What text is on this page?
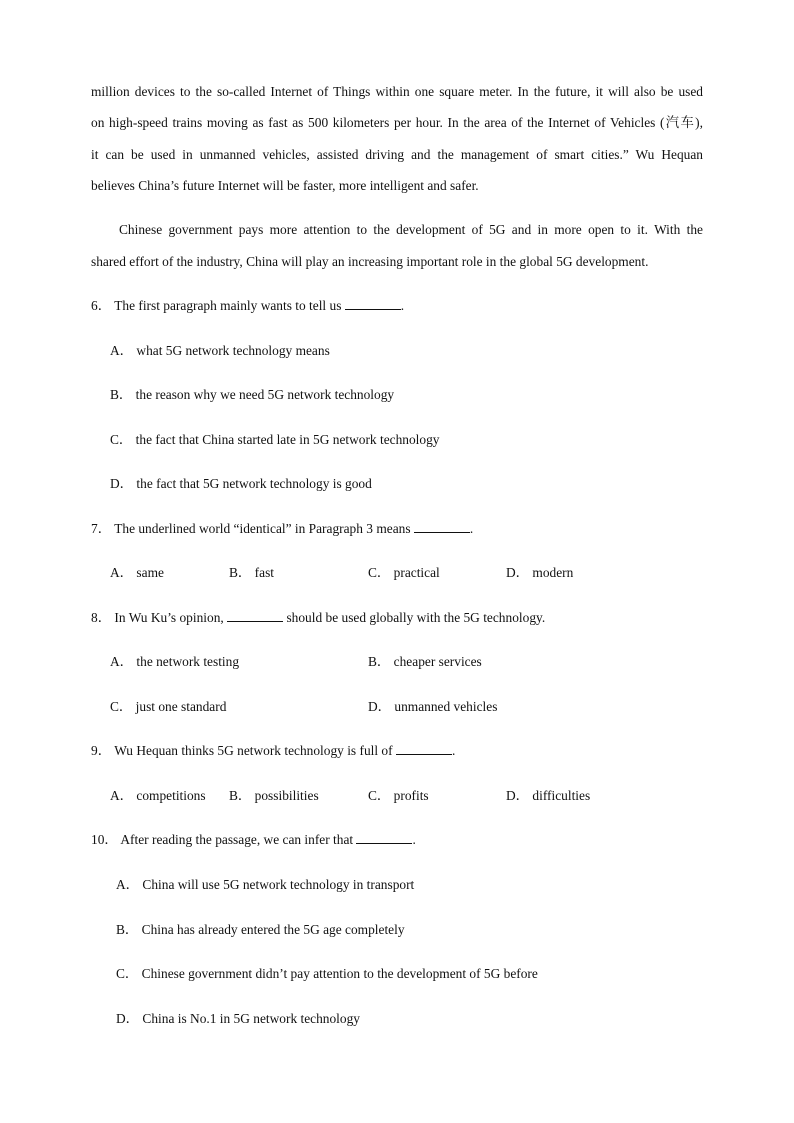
million devices to the so-called Internet of Things within one square meter. In the future, it will also be used
on high-speed trains moving as fast as 500 kilometers per hour. In the area of the Internet of Vehicles (汽车),
it can be used in unmanned vehicles, assisted driving and the management of smart cities.” Wu Hequan
believes China’s future Internet will be faster, more intelligent and safer.
Chinese government pays more attention to the development of 5G and in more open to it. With the
shared effort of the industry, China will play an increasing important role in the global 5G development.
6． The first paragraph mainly wants to tell us	.
A． what 5G network technology means
B． the reason why we need 5G network technology
C． the fact that China started late in 5G network technology
D． the fact that 5G network technology is good
7． The underlined world “identical” in Paragraph 3 means	.
A． same	B． fast	C． practical	D． modern
8． In Wu Ku’s opinion,	should be used globally with the 5G technology.
A． the network testing	B． cheaper services
C． just one standard	D． unmanned vehicles
9． Wu Hequan thinks 5G network technology is full of	.
A． competitions B． possibilities	C． profits	D． difficulties
10． After reading the passage, we can infer that	.
A． China will use 5G network technology in transport
B． China has already entered the 5G age completely
C． Chinese government didn’t pay attention to the development of 5G before
D． China is No.1 in 5G network technology
